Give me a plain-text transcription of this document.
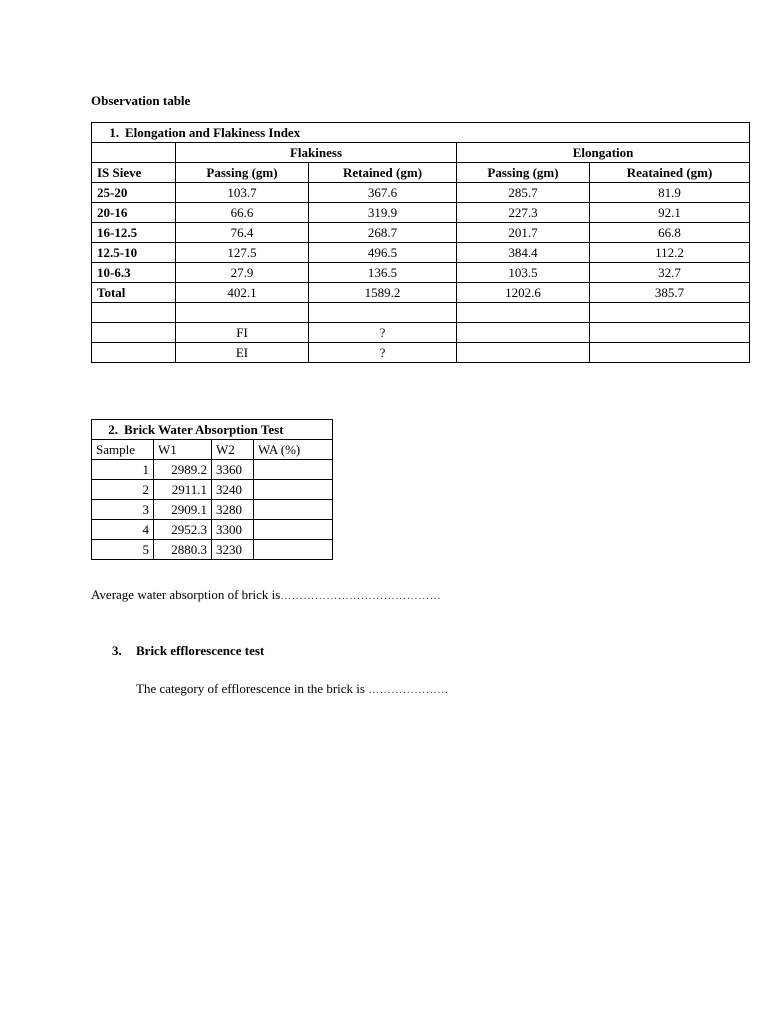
Observation table
1. Elongation and Flakiness Index				
	Flakiness		Elongation	
IS Sieve	Passing (gm)	Retained (gm)	Passing (gm)	Reatained (gm)
25-20	103.7	367.6	285.7	81.9
20-16	66.6	319.9	227.3	92.1
16-12.5	76.4	268.7	201.7	66.8
12.5-10	127.5	496.5	384.4	112.2
10-6.3	27.9	136.5	103.5	32.7
Total	402.1	1589.2	1202.6	385.7

	FI	?		
	EI	?		
2. Brick Water Absorption Test			
Sample	W1	W2	WA (%)
1	2989.2	3360	
2	2911.1	3240	
3	2909.1	3280	
4	2952.3	3300	
5	2880.3	3230	
Average water absorption of brick is……………………………………
3. Brick efflorescence test
The category of efflorescence in the brick is …………………
